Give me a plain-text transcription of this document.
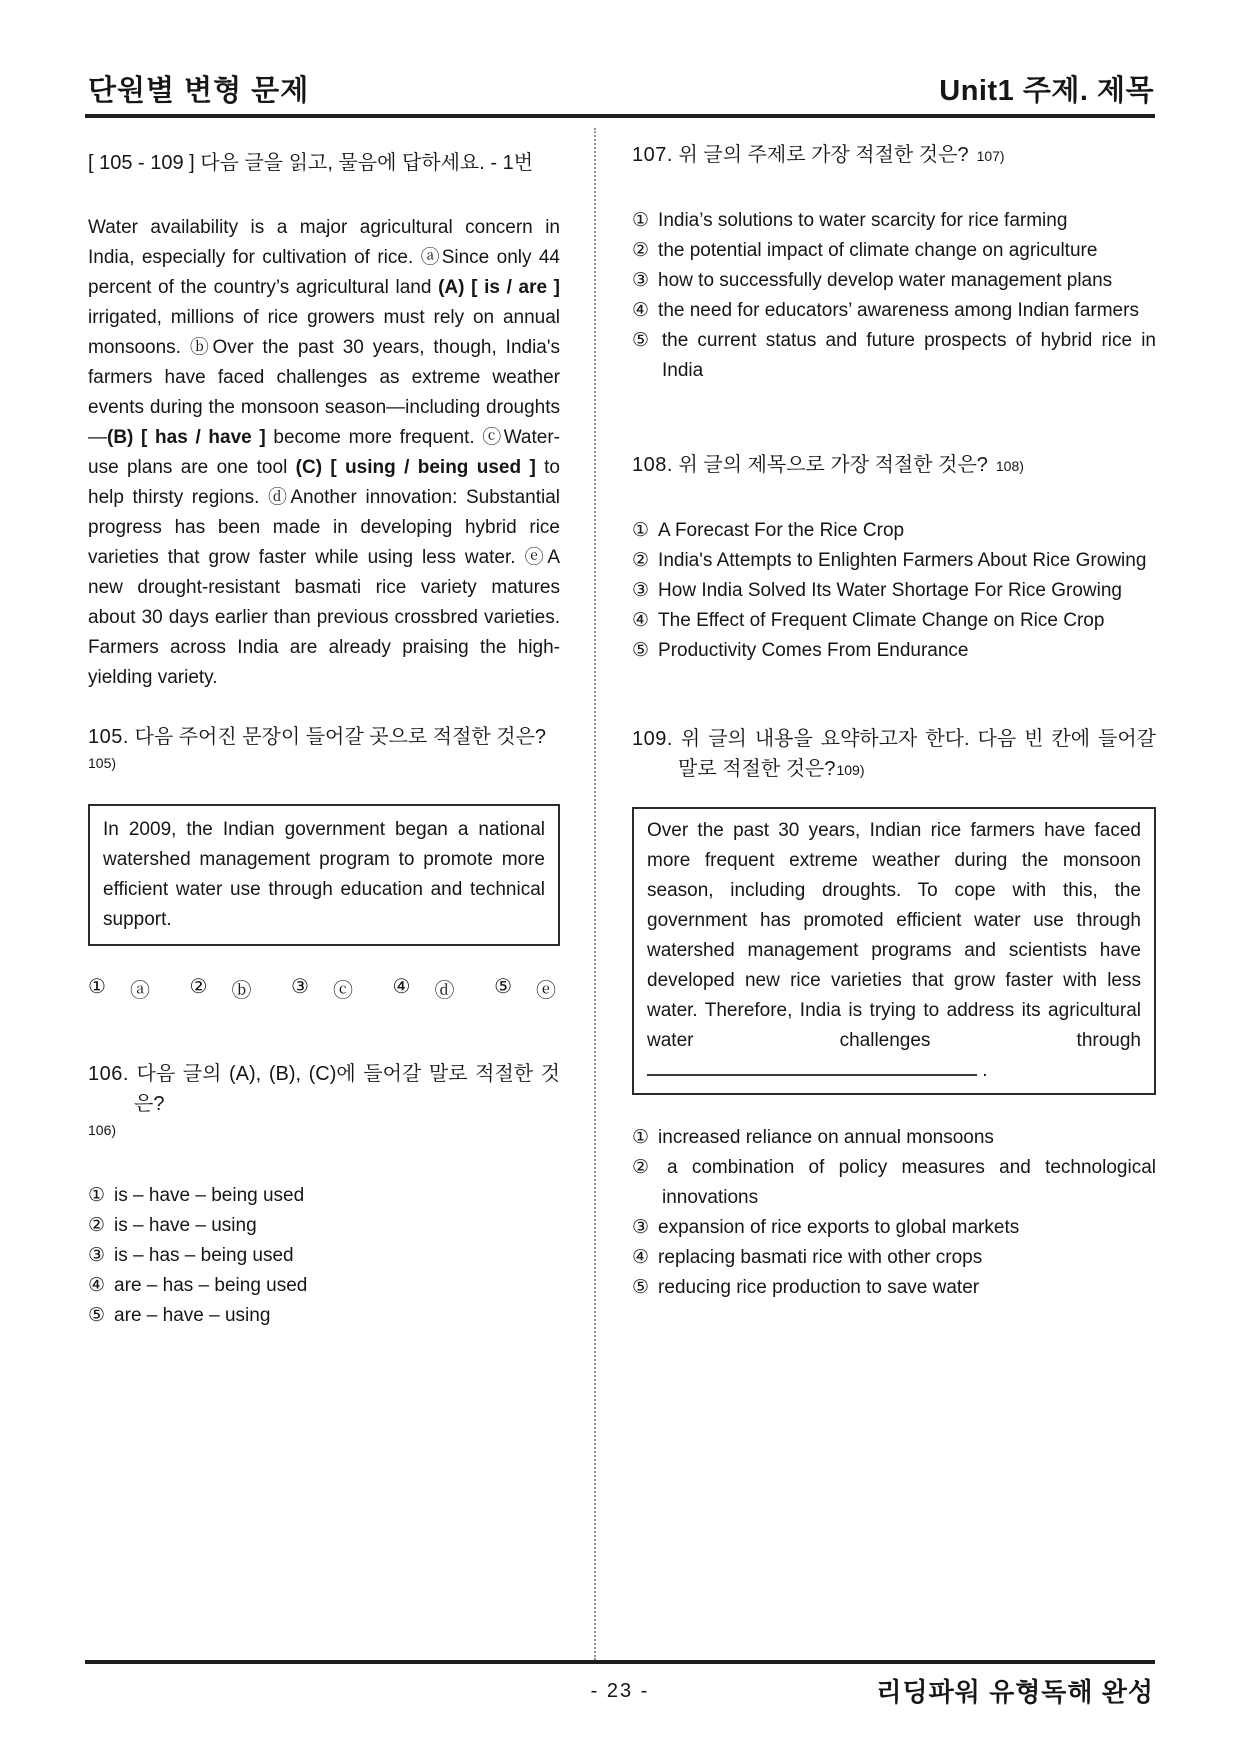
단원별 변형 문제	Unit1 주제. 제목
[ 105 - 109 ] 다음 글을 읽고, 물음에 답하세요. - 1번
Water availability is a major agricultural concern in India, especially for cultivation of rice. ⓐSince only 44 percent of the country’s agricultural land (A) [ is / are ] irrigated, millions of rice growers must rely on annual monsoons. ⓑOver the past 30 years, though, India's farmers have faced challenges as extreme weather events during the monsoon season—including droughts—(B) [ has / have ] become more frequent. ⓒWater-use plans are one tool (C) [ using / being used ] to help thirsty regions. ⓓAnother innovation: Substantial progress has been made in developing hybrid rice varieties that grow faster while using less water. ⓔA new drought-resistant basmati rice variety matures about 30 days earlier than previous crossbred varieties. Farmers across India are already praising the high-yielding variety.
105. 다음 주어진 문장이 들어갈 곳으로 적절한 것은?
105)
In 2009, the Indian government began a national watershed management program to promote more efficient water use through education and technical support.
① ⓐ ② ⓑ ③ ⓒ ④ ⓓ ⑤ ⓔ
106. 다음 글의 (A), (B), (C)에 들어갈 말로 적절한 것은?
106)
① is – have – being used
② is – have – using
③ is – has – being used
④ are – has – being used
⑤ are – have – using
107. 위 글의 주제로 가장 적절한 것은? 107)
① India’s solutions to water scarcity for rice farming
② the potential impact of climate change on agriculture
③ how to successfully develop water management plans
④ the need for educators’ awareness among Indian farmers
⑤ the current status and future prospects of hybrid rice in India
108. 위 글의 제목으로 가장 적절한 것은? 108)
① A Forecast For the Rice Crop
② India's Attempts to Enlighten Farmers About Rice Growing
③ How India Solved Its Water Shortage For Rice Growing
④ The Effect of Frequent Climate Change on Rice Crop
⑤ Productivity Comes From Endurance
109. 위 글의 내용을 요약하고자 한다. 다음 빈 칸에 들어갈 말로 적절한 것은?109)
Over the past 30 years, Indian rice farmers have faced more frequent extreme weather during the monsoon season, including droughts. To cope with this, the government has promoted efficient water use through watershed management programs and scientists have developed new rice varieties that grow faster with less water. Therefore, India is trying to address its agricultural water challenges through  .
① increased reliance on annual monsoons
② a combination of policy measures and technological innovations
③ expansion of rice exports to global markets
④ replacing basmati rice with other crops
⑤ reducing rice production to save water
- 23 -	리딩파워 유형독해 완성
